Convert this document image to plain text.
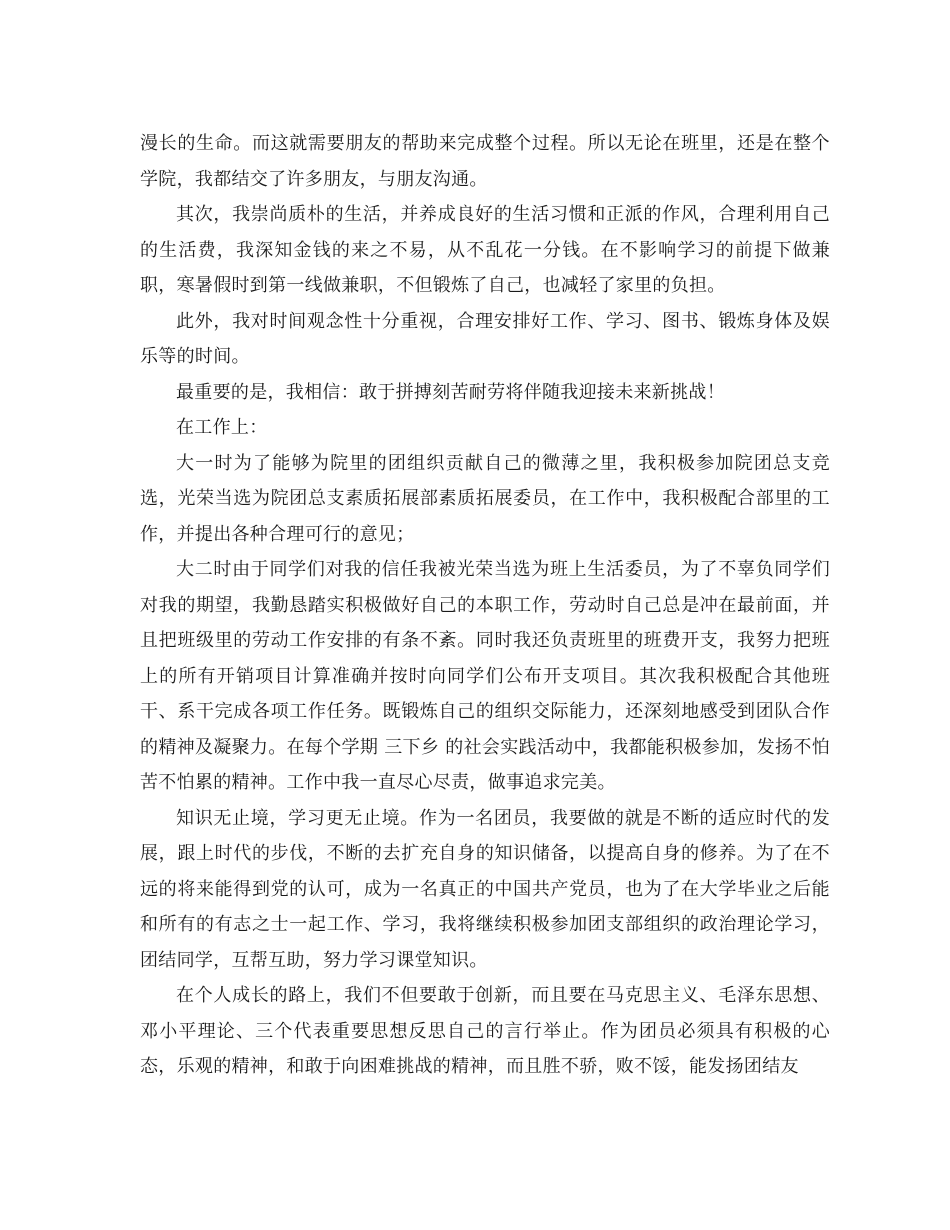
漫长的生命。而这就需要朋友的帮助来完成整个过程。所以无论在班里，还是在整个学院，我都结交了许多朋友，与朋友沟通。

其次，我崇尚质朴的生活，并养成良好的生活习惯和正派的作风，合理利用自己的生活费，我深知金钱的来之不易，从不乱花一分钱。在不影响学习的前提下做兼职，寒暑假时到第一线做兼职，不但锻炼了自己，也减轻了家里的负担。

此外，我对时间观念性十分重视，合理安排好工作、学习、图书、锻炼身体及娱乐等的时间。

最重要的是，我相信：敢于拼搏刻苦耐劳将伴随我迎接未来新挑战！

在工作上：

大一时为了能够为院里的团组织贡献自己的微薄之里，我积极参加院团总支竞选，光荣当选为院团总支素质拓展部素质拓展委员，在工作中，我积极配合部里的工作，并提出各种合理可行的意见；

大二时由于同学们对我的信任我被光荣当选为班上生活委员，为了不辜负同学们对我的期望，我勤恳踏实积极做好自己的本职工作，劳动时自己总是冲在最前面，并且把班级里的劳动工作安排的有条不紊。同时我还负责班里的班费开支，我努力把班上的所有开销项目计算准确并按时向同学们公布开支项目。其次我积极配合其他班干、系干完成各项工作任务。既锻炼自己的组织交际能力，还深刻地感受到团队合作的精神及凝聚力。在每个学期 三下乡 的社会实践活动中，我都能积极参加，发扬不怕苦不怕累的精神。工作中我一直尽心尽责，做事追求完美。

知识无止境，学习更无止境。作为一名团员，我要做的就是不断的适应时代的发展，跟上时代的步伐，不断的去扩充自身的知识储备，以提高自身的修养。为了在不远的将来能得到党的认可，成为一名真正的中国共产党员，也为了在大学毕业之后能和所有的有志之士一起工作、学习，我将继续积极参加团支部组织的政治理论学习，团结同学，互帮互助，努力学习课堂知识。

在个人成长的路上，我们不但要敢于创新，而且要在马克思主义、毛泽东思想、邓小平理论、三个代表重要思想反思自己的言行举止。作为团员必须具有积极的心态，乐观的精神，和敢于向困难挑战的精神，而且胜不骄，败不馁，能发扬团结友
